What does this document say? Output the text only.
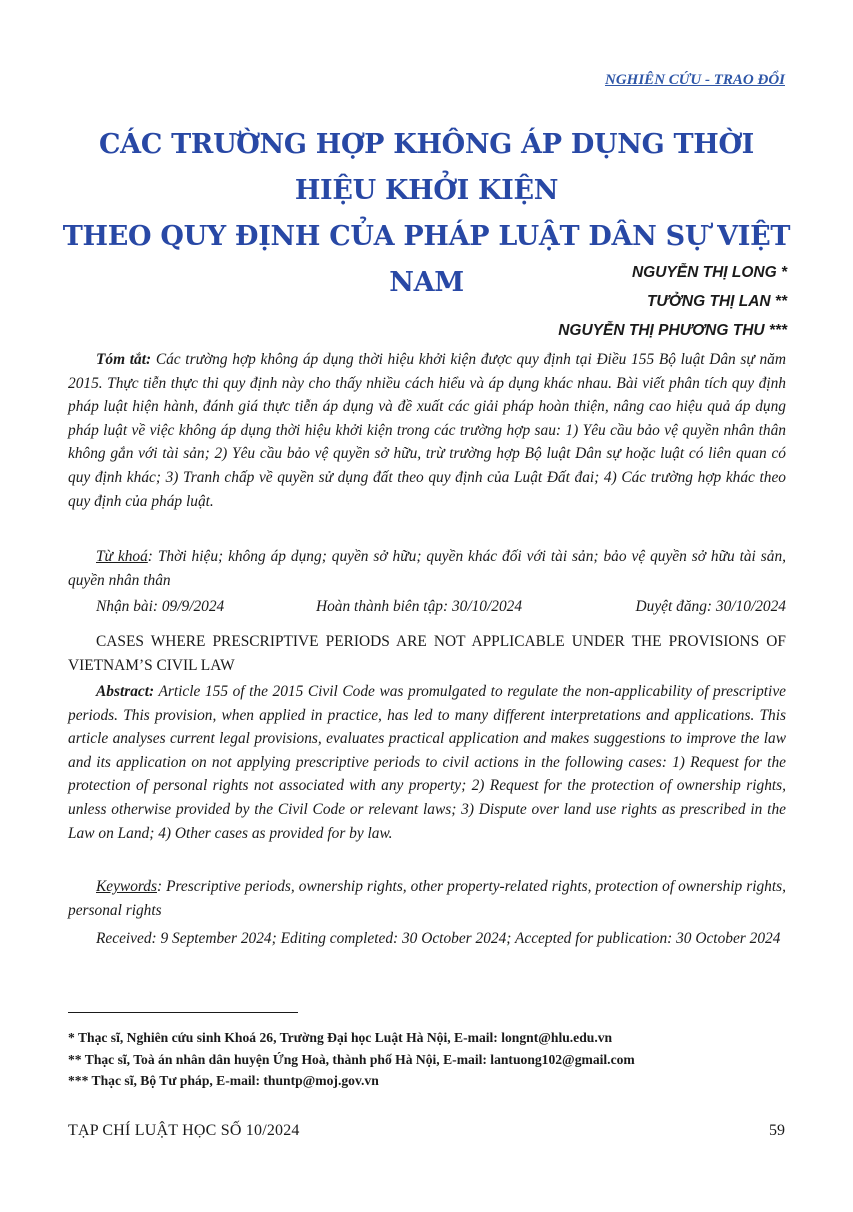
NGHIÊN CỨU - TRAO ĐỔI
CÁC TRƯỜNG HỢP KHÔNG ÁP DỤNG THỜI HIỆU KHỞI KIỆN
THEO QUY ĐỊNH CỦA PHÁP LUẬT DÂN SỰ VIỆT NAM	NGUYỄN THỊ LONG *
TƯỞNG THỊ LAN **
NGUYỄN THỊ PHƯƠNG THU ***
Tóm tắt: Các trường hợp không áp dụng thời hiệu khởi kiện được quy định tại Điều 155 Bộ luật Dân sự năm 2015. Thực tiễn thực thi quy định này cho thấy nhiều cách hiểu và áp dụng khác nhau. Bài viết phân tích quy định pháp luật hiện hành, đánh giá thực tiễn áp dụng và đề xuất các giải pháp hoàn thiện, nâng cao hiệu quả áp dụng pháp luật về việc không áp dụng thời hiệu khởi kiện trong các trường hợp sau: 1) Yêu cầu bảo vệ quyền nhân thân không gắn với tài sản; 2) Yêu cầu bảo vệ quyền sở hữu, trừ trường hợp Bộ luật Dân sự hoặc luật có liên quan có quy định khác; 3) Tranh chấp về quyền sử dụng đất theo quy định của Luật Đất đai; 4) Các trường hợp khác theo quy định của pháp luật.
Từ khoá: Thời hiệu; không áp dụng; quyền sở hữu; quyền khác đối với tài sản; bảo vệ quyền sở hữu tài sản, quyền nhân thân
Nhận bài: 09/9/2024	Hoàn thành biên tập: 30/10/2024	Duyệt đăng: 30/10/2024
CASES WHERE PRESCRIPTIVE PERIODS ARE NOT APPLICABLE UNDER THE PROVISIONS OF VIETNAM’S CIVIL LAW
Abstract: Article 155 of the 2015 Civil Code was promulgated to regulate the non-applicability of prescriptive periods. This provision, when applied in practice, has led to many different interpretations and applications. This article analyses current legal provisions, evaluates practical application and makes suggestions to improve the law and its application on not applying prescriptive periods to civil actions in the following cases: 1) Request for the protection of personal rights not associated with any property; 2) Request for the protection of ownership rights, unless otherwise provided by the Civil Code or relevant laws; 3) Dispute over land use rights as prescribed in the Law on Land; 4) Other cases as provided for by law.
Keywords: Prescriptive periods, ownership rights, other property-related rights, protection of ownership rights, personal rights
Received: 9 September 2024; Editing completed: 30 October 2024; Accepted for publication: 30 October 2024
* Thạc sĩ, Nghiên cứu sinh Khoá 26, Trường Đại học Luật Hà Nội, E-mail: longnt@hlu.edu.vn
** Thạc sĩ, Toà án nhân dân huyện Ứng Hoà, thành phố Hà Nội, E-mail: lantuong102@gmail.com
*** Thạc sĩ, Bộ Tư pháp, E-mail: thuntp@moj.gov.vn
TẠP CHÍ LUẬT HỌC SỐ 10/2024	59
